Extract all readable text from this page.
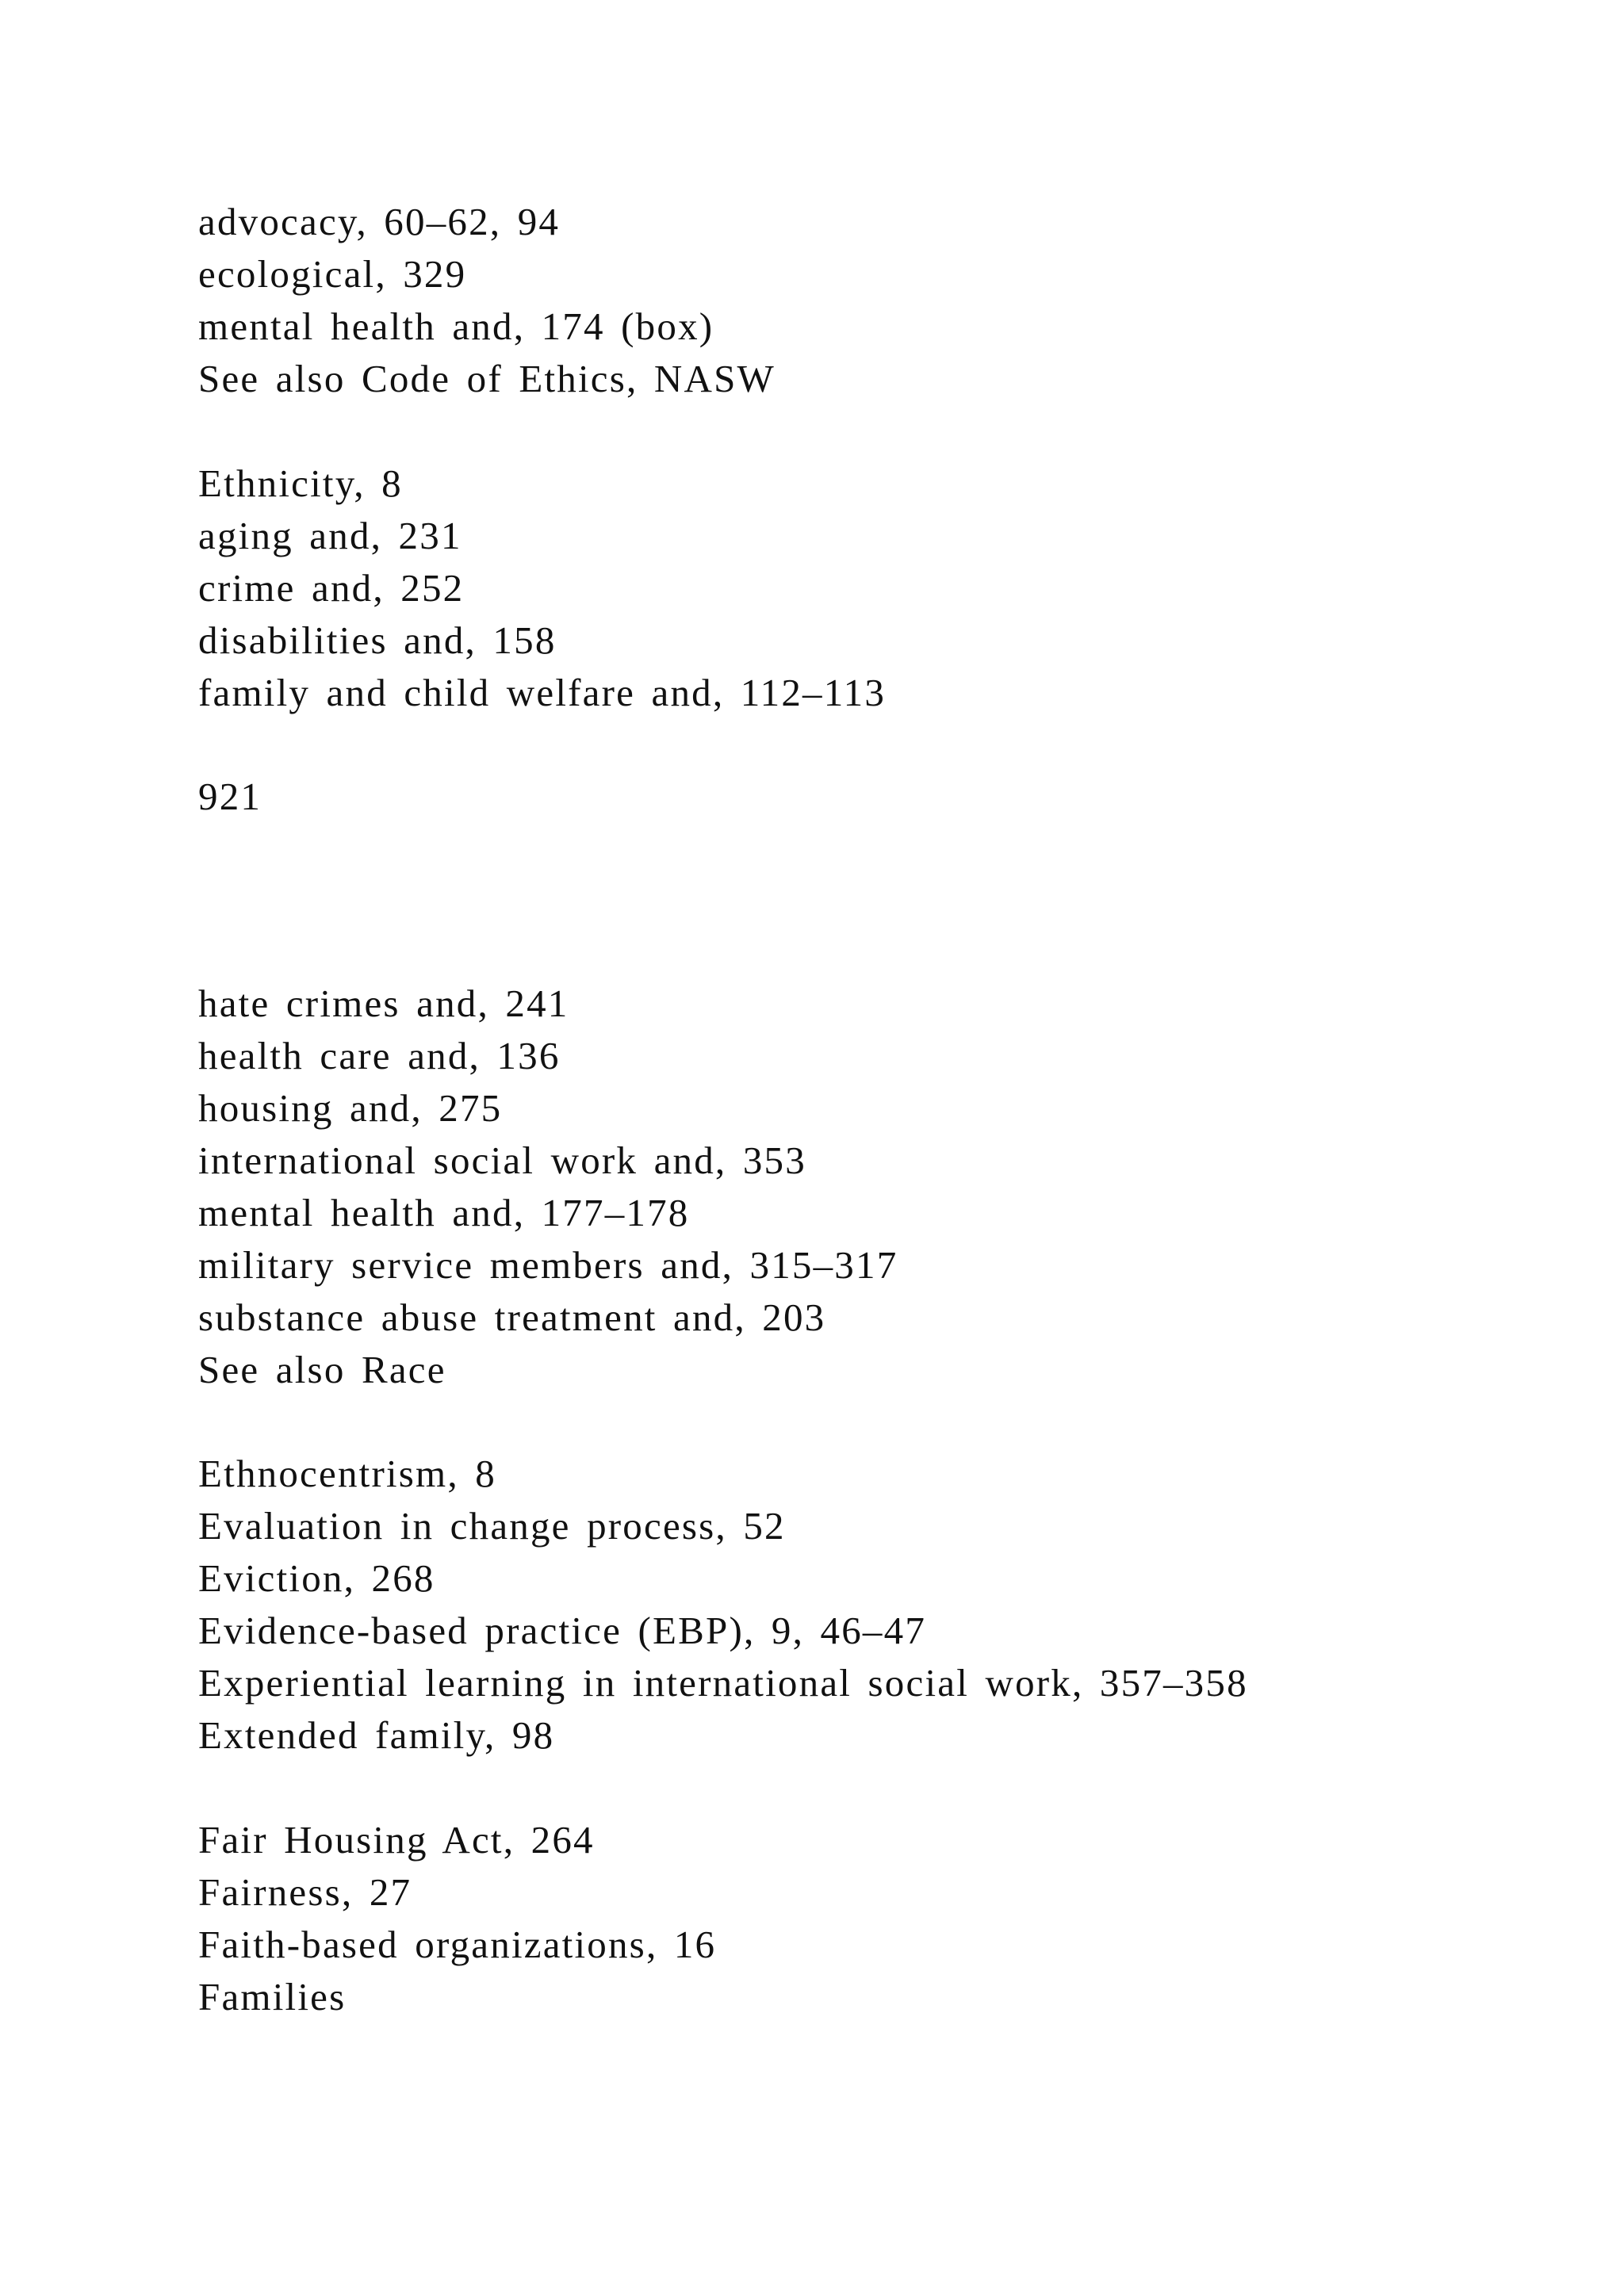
advocacy, 60–62, 94
ecological, 329
mental health and, 174 (box)
See also Code of Ethics, NASW
Ethnicity, 8
aging and, 231
crime and, 252
disabilities and, 158
family and child welfare and, 112–113
921
hate crimes and, 241
health care and, 136
housing and, 275
international social work and, 353
mental health and, 177–178
military service members and, 315–317
substance abuse treatment and, 203
See also Race
Ethnocentrism, 8
Evaluation in change process, 52
Eviction, 268
Evidence-based practice (EBP), 9, 46–47
Experiential learning in international social work, 357–358
Extended family, 98
Fair Housing Act, 264
Fairness, 27
Faith-based organizations, 16
Families
